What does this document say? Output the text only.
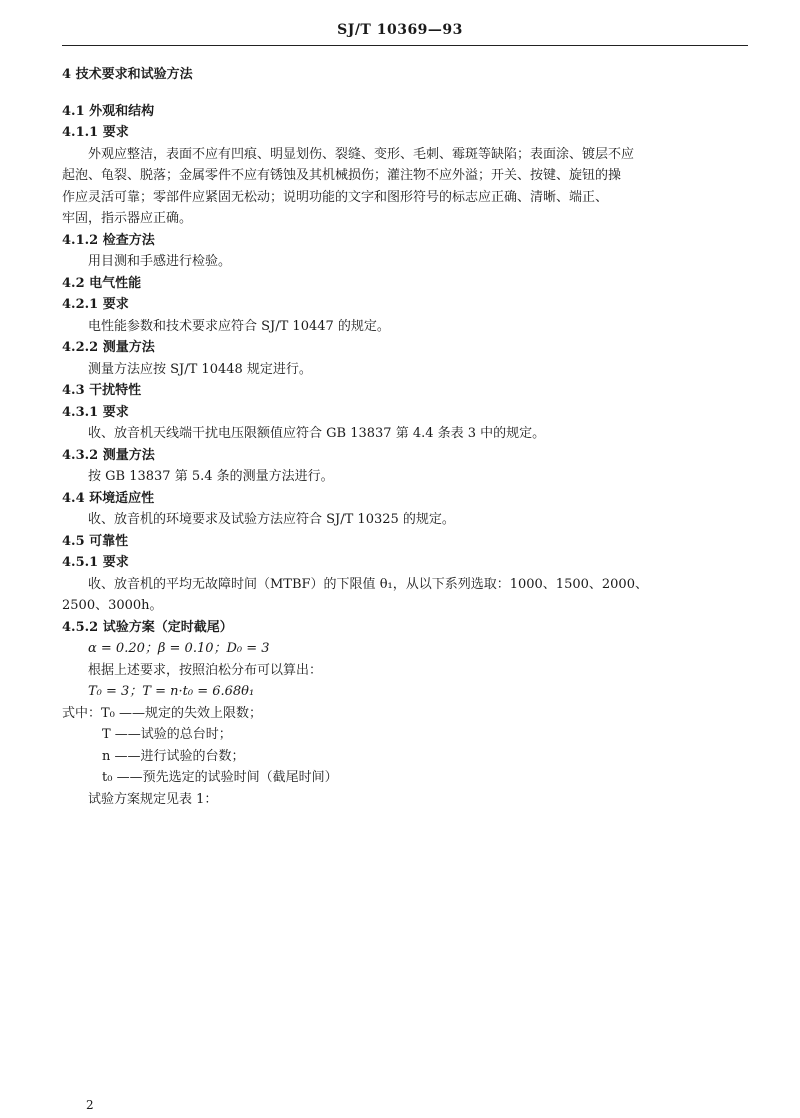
SJ/T 10369—93
4 技术要求和试验方法
4.1 外观和结构
4.1.1 要求
外观应整洁，表面不应有凹痕、明显划伤、裂缝、变形、毛刺、霉斑等缺陷；表面涂、镀层不应
起泡、龟裂、脱落；金属零件不应有锈蚀及其机械损伤；灌注物不应外溢；开关、按键、旋钮的操
作应灵活可靠；零部件应紧固无松动；说明功能的文字和图形符号的标志应正确、清晰、端正、
牢固，指示器应正确。
4.1.2 检查方法
用目测和手感进行检验。
4.2 电气性能
4.2.1 要求
电性能参数和技术要求应符合 SJ/T 10447 的规定。
4.2.2 测量方法
测量方法应按 SJ/T 10448 规定进行。
4.3 干扰特性
4.3.1 要求
收、放音机天线端干扰电压限额值应符合 GB 13837 第 4.4 条表 3 中的规定。
4.3.2 测量方法
按 GB 13837 第 5.4 条的测量方法进行。
4.4 环境适应性
收、放音机的环境要求及试验方法应符合 SJ/T 10325 的规定。
4.5 可靠性
4.5.1 要求
收、放音机的平均无故障时间（MTBF）的下限值 θ₁，从以下系列选取：1000、1500、2000、
2500、3000h。
4.5.2 试验方案（定时截尾）
α = 0.20；β = 0.10；D₀ = 3
根据上述要求，按照泊松分布可以算出：
T₀ = 3；T = n·t₀ = 6.68θ₁
式中：T₀ ——规定的失效上限数；
T ——试验的总台时；
n ——进行试验的台数；
t₀ ——预先选定的试验时间（截尾时间）
试验方案规定见表 1：
2
